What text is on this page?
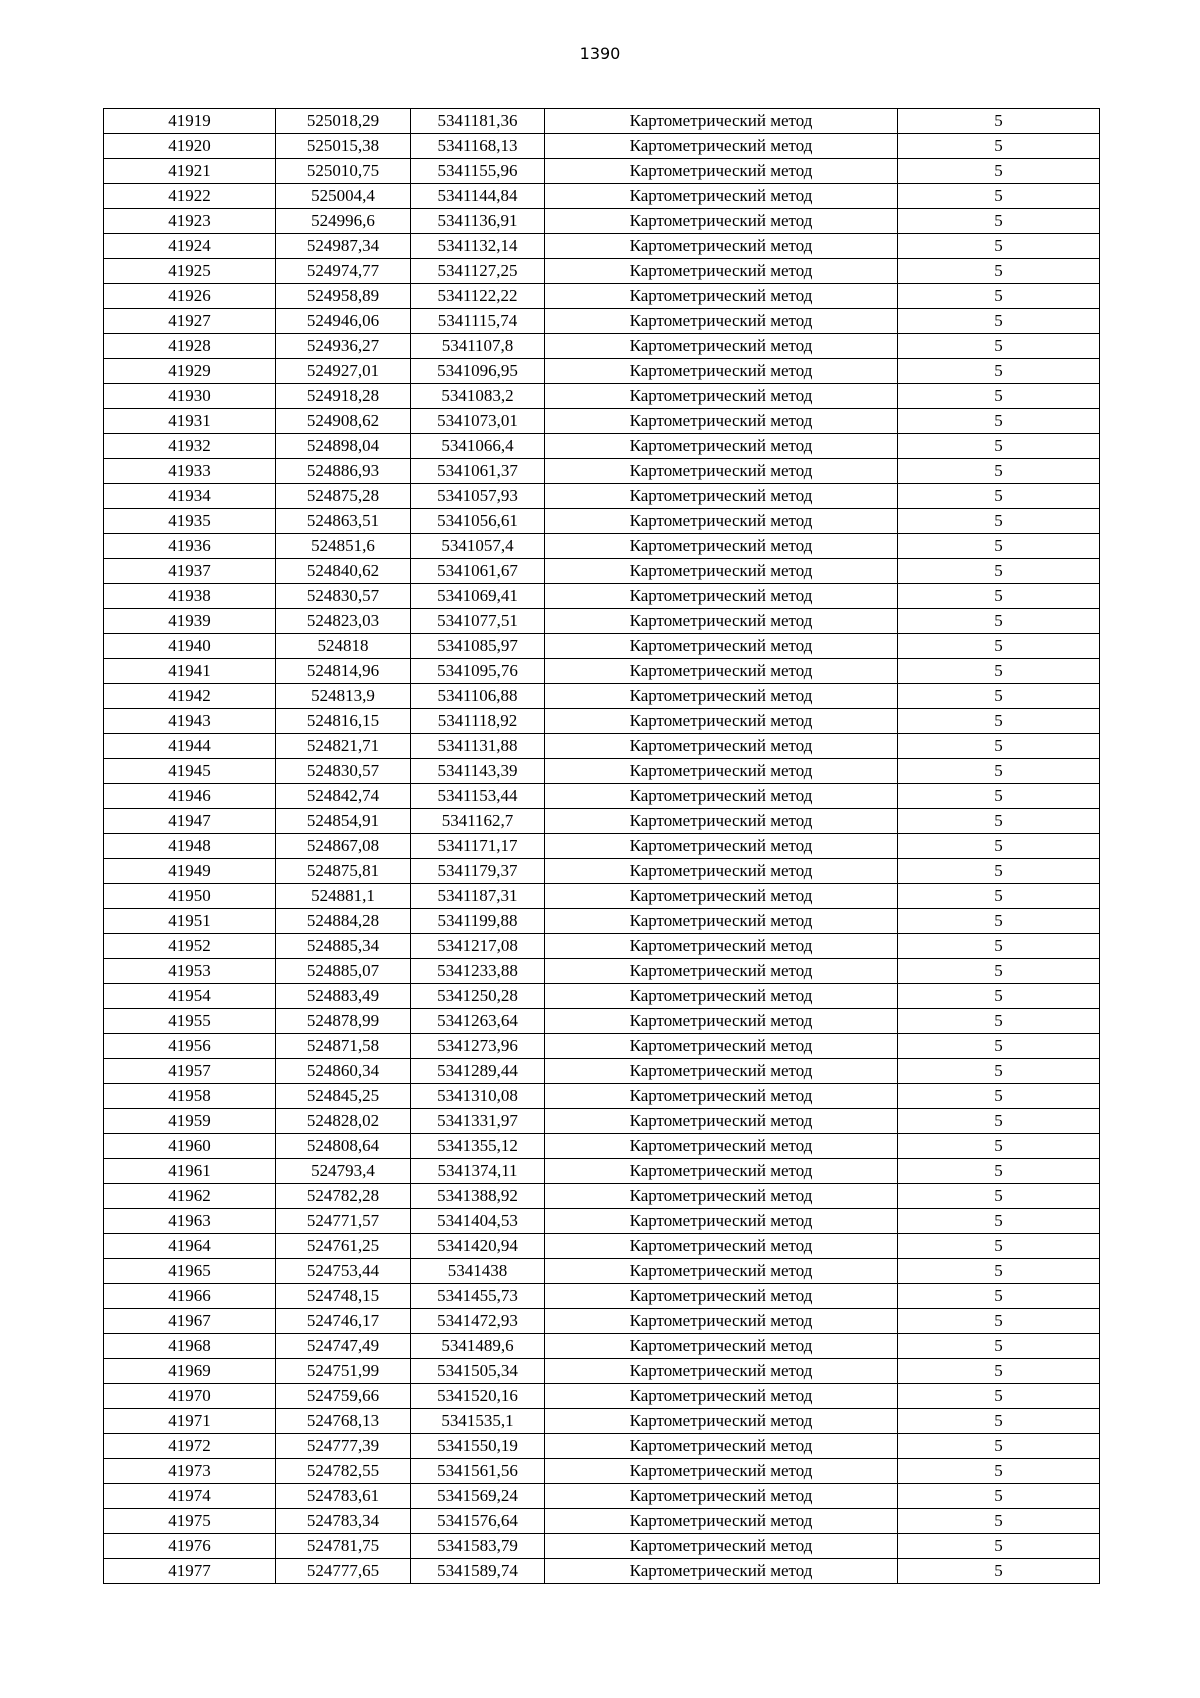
1390
41919	525018,29	5341181,36	Картометрический метод	5
41920	525015,38	5341168,13	Картометрический метод	5
41921	525010,75	5341155,96	Картометрический метод	5
41922	525004,4	5341144,84	Картометрический метод	5
41923	524996,6	5341136,91	Картометрический метод	5
41924	524987,34	5341132,14	Картометрический метод	5
41925	524974,77	5341127,25	Картометрический метод	5
41926	524958,89	5341122,22	Картометрический метод	5
41927	524946,06	5341115,74	Картометрический метод	5
41928	524936,27	5341107,8	Картометрический метод	5
41929	524927,01	5341096,95	Картометрический метод	5
41930	524918,28	5341083,2	Картометрический метод	5
41931	524908,62	5341073,01	Картометрический метод	5
41932	524898,04	5341066,4	Картометрический метод	5
41933	524886,93	5341061,37	Картометрический метод	5
41934	524875,28	5341057,93	Картометрический метод	5
41935	524863,51	5341056,61	Картометрический метод	5
41936	524851,6	5341057,4	Картометрический метод	5
41937	524840,62	5341061,67	Картометрический метод	5
41938	524830,57	5341069,41	Картометрический метод	5
41939	524823,03	5341077,51	Картометрический метод	5
41940	524818	5341085,97	Картометрический метод	5
41941	524814,96	5341095,76	Картометрический метод	5
41942	524813,9	5341106,88	Картометрический метод	5
41943	524816,15	5341118,92	Картометрический метод	5
41944	524821,71	5341131,88	Картометрический метод	5
41945	524830,57	5341143,39	Картометрический метод	5
41946	524842,74	5341153,44	Картометрический метод	5
41947	524854,91	5341162,7	Картометрический метод	5
41948	524867,08	5341171,17	Картометрический метод	5
41949	524875,81	5341179,37	Картометрический метод	5
41950	524881,1	5341187,31	Картометрический метод	5
41951	524884,28	5341199,88	Картометрический метод	5
41952	524885,34	5341217,08	Картометрический метод	5
41953	524885,07	5341233,88	Картометрический метод	5
41954	524883,49	5341250,28	Картометрический метод	5
41955	524878,99	5341263,64	Картометрический метод	5
41956	524871,58	5341273,96	Картометрический метод	5
41957	524860,34	5341289,44	Картометрический метод	5
41958	524845,25	5341310,08	Картометрический метод	5
41959	524828,02	5341331,97	Картометрический метод	5
41960	524808,64	5341355,12	Картометрический метод	5
41961	524793,4	5341374,11	Картометрический метод	5
41962	524782,28	5341388,92	Картометрический метод	5
41963	524771,57	5341404,53	Картометрический метод	5
41964	524761,25	5341420,94	Картометрический метод	5
41965	524753,44	5341438	Картометрический метод	5
41966	524748,15	5341455,73	Картометрический метод	5
41967	524746,17	5341472,93	Картометрический метод	5
41968	524747,49	5341489,6	Картометрический метод	5
41969	524751,99	5341505,34	Картометрический метод	5
41970	524759,66	5341520,16	Картометрический метод	5
41971	524768,13	5341535,1	Картометрический метод	5
41972	524777,39	5341550,19	Картометрический метод	5
41973	524782,55	5341561,56	Картометрический метод	5
41974	524783,61	5341569,24	Картометрический метод	5
41975	524783,34	5341576,64	Картометрический метод	5
41976	524781,75	5341583,79	Картометрический метод	5
41977	524777,65	5341589,74	Картометрический метод	5
